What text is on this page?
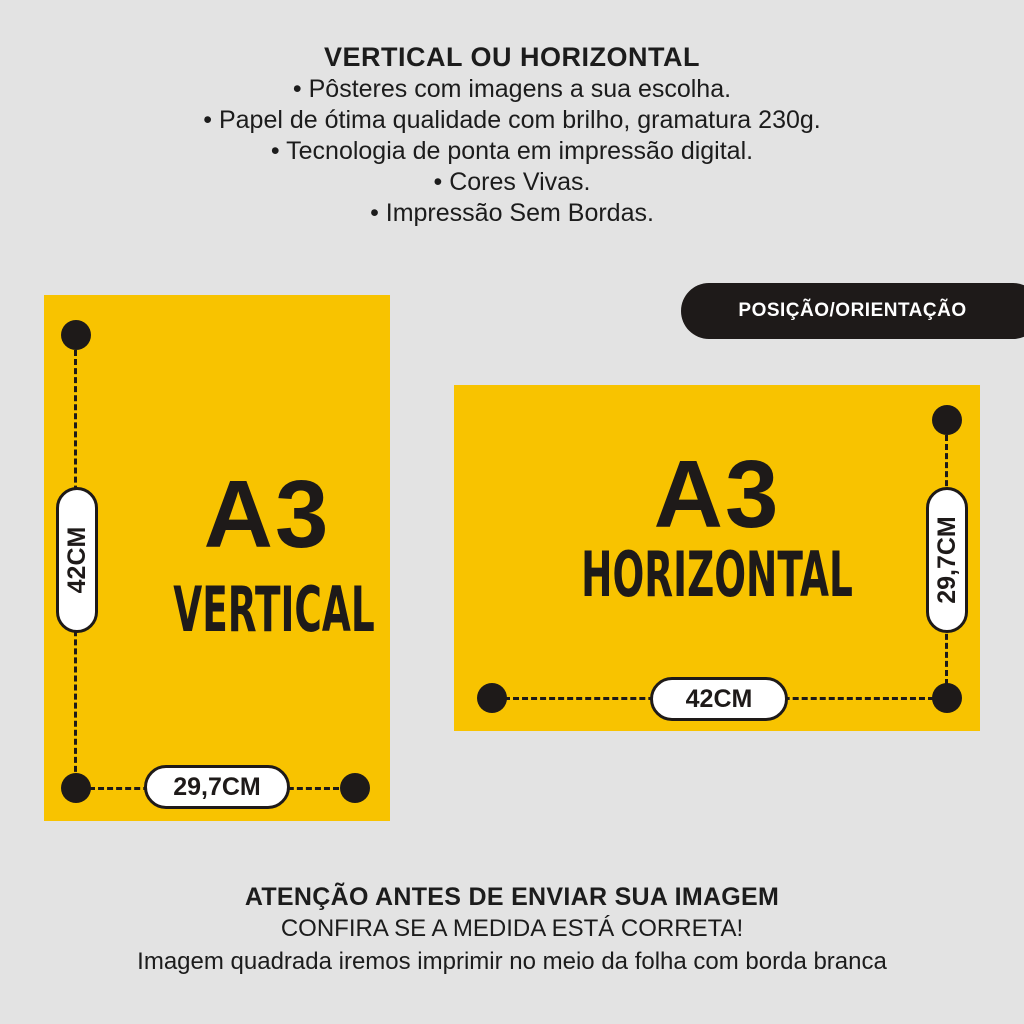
VERTICAL OU HORIZONTAL
• Pôsteres com imagens a sua escolha.
• Papel de ótima qualidade com brilho, gramatura 230g.
• Tecnologia de ponta em impressão digital.
• Cores Vivas.
• Impressão Sem Bordas.
POSIÇÃO/ORIENTAÇÃO
A3
VERTICAL
42CM
29,7CM
A3
HORIZONTAL	29,7CM
42CM
ATENÇÃO ANTES DE ENVIAR SUA IMAGEM
CONFIRA SE A MEDIDA ESTÁ CORRETA!
Imagem quadrada iremos imprimir no meio da folha com borda branca
